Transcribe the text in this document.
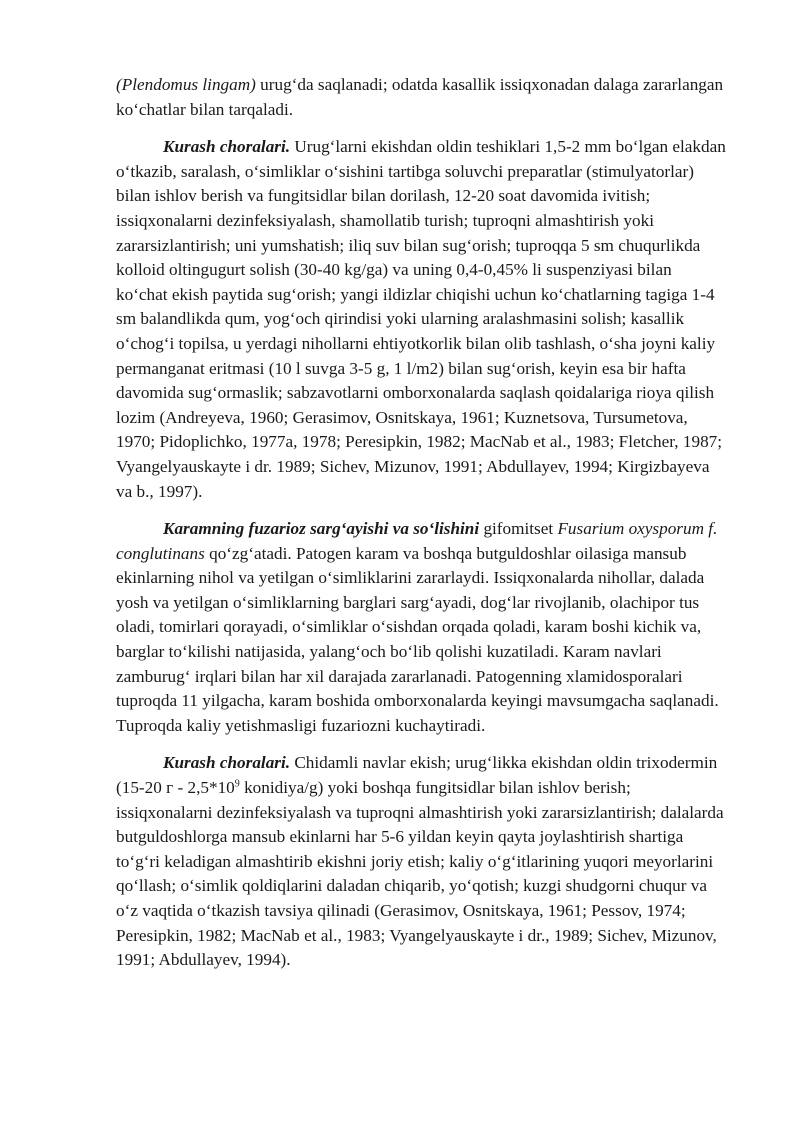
(Plendomus lingam) urug‘da saqlanadi; odatda kasallik issiqxonadan dalaga zararlangan ko‘chatlar bilan tarqaladi.

Kurash choralari. Urug‘larni ekishdan oldin teshiklari 1,5-2 mm bo‘lgan elakdan o‘tkazib, saralash, o‘simliklar o‘sishini tartibga soluvchi preparatlar (stimulyatorlar) bilan ishlov berish va fungitsidlar bilan dorilash, 12-20 soat davomida ivitish; issiqxonalarni dezinfeksiyalash, shamollatib turish; tuproqni almashtirish yoki zararsizlantirish; uni yumshatish; iliq suv bilan sug‘orish; tuproqqa 5 sm chuqurlikda kolloid oltingugurt solish (30-40 kg/ga) va uning 0,4-0,45% li suspenziyasi bilan ko‘chat ekish paytida sug‘orish; yangi ildizlar chiqishi uchun ko‘chatlarning tagiga 1-4 sm balandlikda qum, yog‘och qirindisi yoki ularning aralashmasini solish; kasallik o‘chog‘i topilsa, u yerdagi nihollarni ehtiyotkorlik bilan olib tashlash, o‘sha joyni kaliy permanganat eritmasi (10 l suvga 3-5 g, 1 l/m2) bilan sug‘orish, keyin esa bir hafta davomida sug‘ormaslik; sabzavotlarni omborxonalarda saqlash qoidalariga rioya qilish lozim (Andreyeva, 1960; Gerasimov, Osnitskaya, 1961; Kuznetsova, Tursumetova, 1970; Pidoplichko, 1977a, 1978; Peresipkin, 1982; MacNab et al., 1983; Fletcher, 1987; Vyangelyauskayte i dr. 1989; Sichev, Mizunov, 1991; Abdullayev, 1994; Kirgizbayeva va b., 1997).

Karamning fuzarioz sarg‘ayishi va so‘lishini gifomitset Fusarium oxysporum f. conglutinans qo‘zg‘atadi. Patogen karam va boshqa butguldoshlar oilasiga mansub ekinlarning nihol va yetilgan o‘simliklarini zararlaydi. Issiqxonalarda nihollar, dalada yosh va yetilgan o‘simliklarning barglari sarg‘ayadi, dog‘lar rivojlanib, olachipor tus oladi, tomirlari qorayadi, o‘simliklar o‘sishdan orqada qoladi, karam boshi kichik va, barglar to‘kilishi natijasida, yalang‘och bo‘lib qolishi kuzatiladi. Karam navlari zamburug‘ irqlari bilan har xil darajada zararlanadi. Patogenning xlamidosporalari tuproqda 11 yilgacha, karam boshida omborxonalarda keyingi mavsumgacha saqlanadi. Tuproqda kaliy yetishmasligi fuzariozni kuchaytiradi.

Kurash choralari. Chidamli navlar ekish; urug‘likka ekishdan oldin trixodermin (15-20 г - $2,5*10^9$ konidiya/g) yoki boshqa fungitsidlar bilan ishlov berish; issiqxonalarni dezinfeksiyalash va tuproqni almashtirish yoki zararsizlantirish; dalalarda butguldoshlorga mansub ekinlarni har 5-6 yildan keyin qayta joylashtirish shartiga to‘g‘ri keladigan almashtirib ekishni joriy etish; kaliy o‘g‘itlarining yuqori meyorlarini qo‘llash; o‘simlik qoldiqlarini daladan chiqarib, yo‘qotish; kuzgi shudgorni chuqur va o‘z vaqtida o‘tkazish tavsiya qilinadi (Gerasimov, Osnitskaya, 1961; Pessov, 1974; Peresipkin, 1982; MacNab et al., 1983; Vyangelyauskayte i dr., 1989; Sichev, Mizunov, 1991; Abdullayev, 1994).
